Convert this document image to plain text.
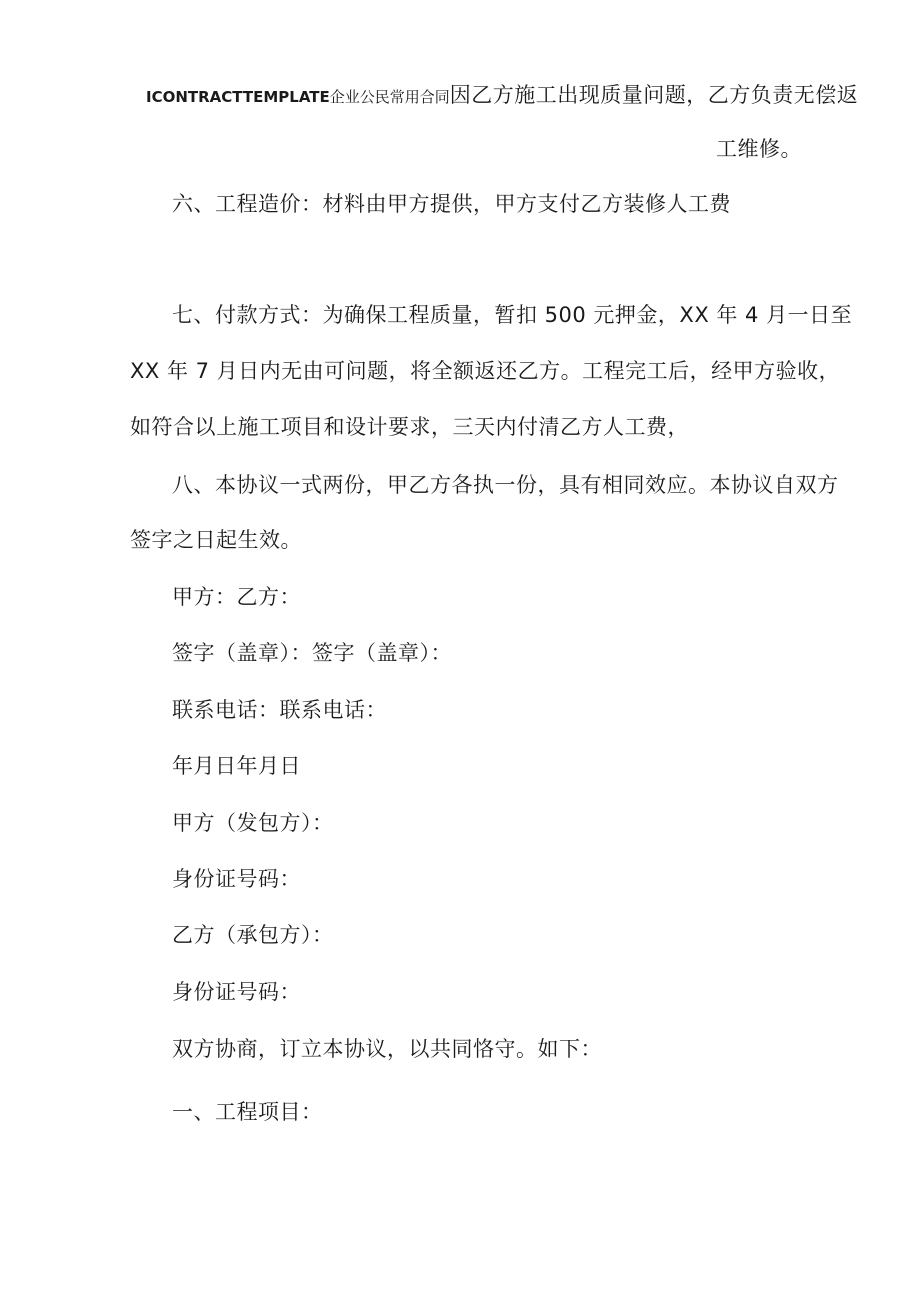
ICONTRACTTEMPLATE企业公民常用合同因乙方施工出现质量问题，乙方负责无偿返
工维修。
六、工程造价：材料由甲方提供，甲方支付乙方装修人工费
七、付款方式：为确保工程质量，暂扣 500 元押金，XX 年 4 月一日至
XX 年 7 月日内无由可问题，将全额返还乙方。工程完工后，经甲方验收，
如符合以上施工项目和设计要求，三天内付清乙方人工费，
八、本协议一式两份，甲乙方各执一份，具有相同效应。本协议自双方
签字之日起生效。
甲方：乙方：
签字（盖章）：签字（盖章）：
联系电话：联系电话：
年月日年月日
甲方（发包方）：
身份证号码：
乙方（承包方）：
身份证号码：
双方协商，订立本协议，以共同恪守。如下：
一、工程项目：
